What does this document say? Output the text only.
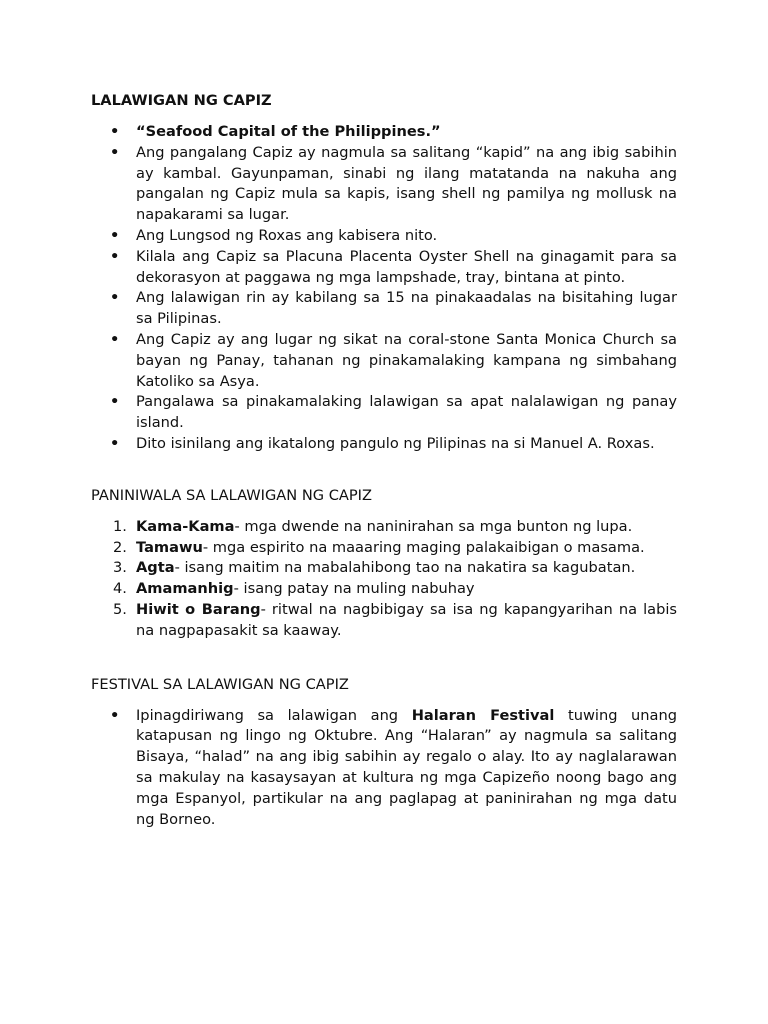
LALAWIGAN NG CAPIZ
• “Seafood Capital of the Philippines.”
• Ang pangalang Capiz ay nagmula sa salitang “kapid” na ang ibig sabihin ay kambal. Gayunpaman, sinabi ng ilang matatanda na nakuha ang pangalan ng Capiz mula sa kapis, isang shell ng pamilya ng mollusk na napakarami sa lugar.
• Ang Lungsod ng Roxas ang kabisera nito.
• Kilala ang Capiz sa Placuna Placenta Oyster Shell na ginagamit para sa dekorasyon at paggawa ng mga lampshade, tray, bintana at pinto.
• Ang lalawigan rin ay kabilang sa 15 na pinakaadalas na bisitahing lugar sa Pilipinas.
• Ang Capiz ay ang lugar ng sikat na coral-stone Santa Monica Church sa bayan ng Panay, tahanan ng pinakamalaking kampana ng simbahang Katoliko sa Asya.
• Pangalawa sa pinakamalaking lalawigan sa apat nalalawigan ng panay island.
• Dito isinilang ang ikatalong pangulo ng Pilipinas na si Manuel A. Roxas.
PANINIWALA SA LALAWIGAN NG CAPIZ
1. Kama-Kama- mga dwende na naninirahan sa mga bunton ng lupa.
2. Tamawu- mga espirito na maaaring maging palakaibigan o masama.
3. Agta- isang maitim na mabalahibong tao na nakatira sa kagubatan.
4. Amamanhig- isang patay na muling nabuhay
5. Hiwit o Barang- ritwal na nagbibigay sa isa ng kapangyarihan na labis na nagpapasakit sa kaaway.
FESTIVAL SA LALAWIGAN NG CAPIZ
• Ipinagdiriwang sa lalawigan ang Halaran Festival tuwing unang katapusan ng lingo ng Oktubre. Ang “Halaran” ay nagmula sa salitang Bisaya, “halad” na ang ibig sabihin ay regalo o alay. Ito ay naglalarawan sa makulay na kasaysayan at kultura ng mga Capizeño noong bago ang mga Espanyol, partikular na ang paglapag at paninirahan ng mga datu ng Borneo.
